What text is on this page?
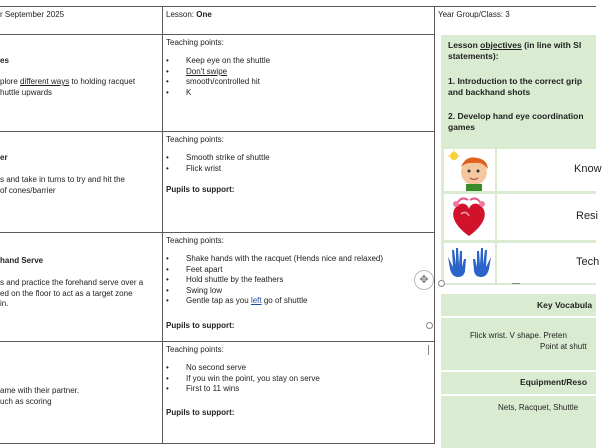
r September 2025	Lesson: One	Year Group/Class: 3
es
plore different ways to holding racquet
huttle upwards
Teaching points:
• Keep eye on the shuttle
• Don't swipe
• smooth/controlled hit
• K
er
s and take in turns to try and hit the
of cones/barrier
Teaching points:
• Smooth strike of shuttle
• Flick wrist
Pupils to support:
hand Serve
s and practice the forehand serve over a
ed on the floor to act as a target zone
in.
Teaching points:
• Shake hands with the racquet (Hends nice and relaxed)
• Feet apart
• Hold shuttle by the feathers
• Swing low
• Gentle tap as you left go of shuttle
Pupils to support:
✥
ame with their partner.
uch as scoring
Teaching points:
• No second serve
• If you win the point, you stay on serve
• First to 11 wins
Pupils to support:
Lesson objectives (in line with SI
statements):
1. Introduction to the correct grip
and backhand shots
2. Develop hand eye coordination
games
Know
Resi
Tech
Key Vocabula
Flick wrist. V shape. Preten
Point at shutt
Equipment/Reso
Nets, Racquet, Shuttle
